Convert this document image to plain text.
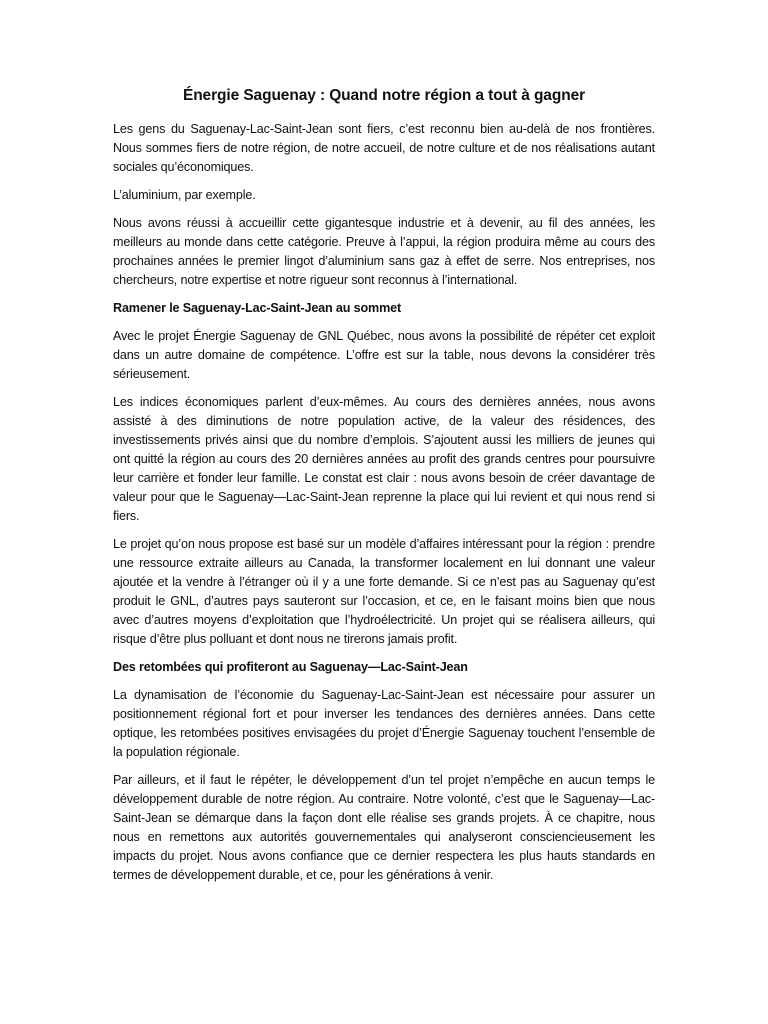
Énergie Saguenay : Quand notre région a tout à gagner

Les gens du Saguenay-Lac-Saint-Jean sont fiers, c’est reconnu bien au-delà de nos frontières. Nous sommes fiers de notre région, de notre accueil, de notre culture et de nos réalisations autant sociales qu’économiques.

L’aluminium, par exemple.

Nous avons réussi à accueillir cette gigantesque industrie et à devenir, au fil des années, les meilleurs au monde dans cette catégorie. Preuve à l’appui, la région produira même au cours des prochaines années le premier lingot d’aluminium sans gaz à effet de serre. Nos entreprises, nos chercheurs, notre expertise et notre rigueur sont reconnus à l’international.

Ramener le Saguenay-Lac-Saint-Jean au sommet

Avec le projet Énergie Saguenay de GNL Québec, nous avons la possibilité de répéter cet exploit dans un autre domaine de compétence. L’offre est sur la table, nous devons la considérer très sérieusement.

Les indices économiques parlent d’eux-mêmes. Au cours des dernières années, nous avons assisté à des diminutions de notre population active, de la valeur des résidences, des investissements privés ainsi que du nombre d’emplois. S’ajoutent aussi les milliers de jeunes qui ont quitté la région au cours des 20 dernières années au profit des grands centres pour poursuivre leur carrière et fonder leur famille. Le constat est clair : nous avons besoin de créer davantage de valeur pour que le Saguenay—Lac-Saint-Jean reprenne la place qui lui revient et qui nous rend si fiers.

Le projet qu’on nous propose est basé sur un modèle d’affaires intéressant pour la région : prendre une ressource extraite ailleurs au Canada, la transformer localement en lui donnant une valeur ajoutée et la vendre à l’étranger où il y a une forte demande. Si ce n’est pas au Saguenay qu’est produit le GNL, d’autres pays sauteront sur l’occasion, et ce, en le faisant moins bien que nous avec d’autres moyens d’exploitation que l’hydroélectricité. Un projet qui se réalisera ailleurs, qui risque d’être plus polluant et dont nous ne tirerons jamais profit.

Des retombées qui profiteront au Saguenay—Lac-Saint-Jean

La dynamisation de l’économie du Saguenay-Lac-Saint-Jean est nécessaire pour assurer un positionnement régional fort et pour inverser les tendances des dernières années. Dans cette optique, les retombées positives envisagées du projet d’Énergie Saguenay touchent l’ensemble de la population régionale.

Par ailleurs, et il faut le répéter, le développement d’un tel projet n’empêche en aucun temps le développement durable de notre région. Au contraire. Notre volonté, c’est que le Saguenay—Lac-Saint-Jean se démarque dans la façon dont elle réalise ses grands projets. À ce chapitre, nous nous en remettons aux autorités gouvernementales qui analyseront consciencieusement les impacts du projet. Nous avons confiance que ce dernier respectera les plus hauts standards en termes de développement durable, et ce, pour les générations à venir.
